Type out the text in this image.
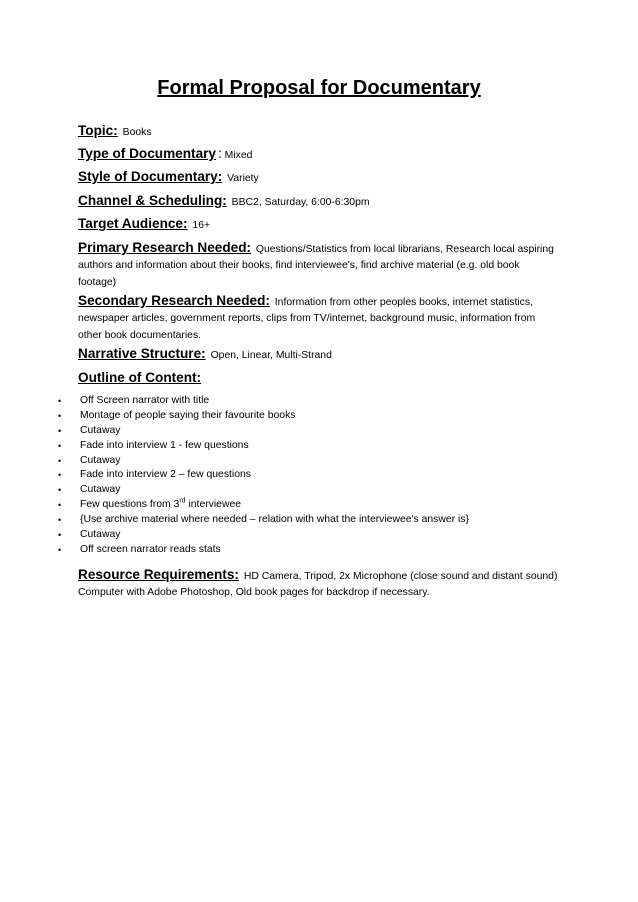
Formal Proposal for Documentary
Topic: Books
Type of Documentary : Mixed
Style of Documentary: Variety
Channel & Scheduling: BBC2, Saturday, 6:00-6:30pm
Target Audience: 16+
Primary Research Needed: Questions/Statistics from local librarians, Research local aspiring
authors and information about their books, find interviewee's, find archive material (e.g. old book
footage)
Secondary Research Needed: Information from other peoples books, internet statistics,
newspaper articles, government reports, clips from TV/internet, background music, information from
other book documentaries.
Narrative Structure: Open, Linear, Multi-Strand
Outline of Content:
• Off Screen narrator with title
• Montage of people saying their favourite books
• Cutaway
• Fade into interview 1 - few questions
• Cutaway
• Fade into interview 2 – few questions
• Cutaway
• Few questions from 3rd interviewee
• {Use archive material where needed – relation with what the interviewee's answer is}
• Cutaway
• Off screen narrator reads stats
Resource Requirements: HD Camera, Tripod, 2x Microphone (close sound and distant sound)
Computer with Adobe Photoshop, Old book pages for backdrop if necessary.
